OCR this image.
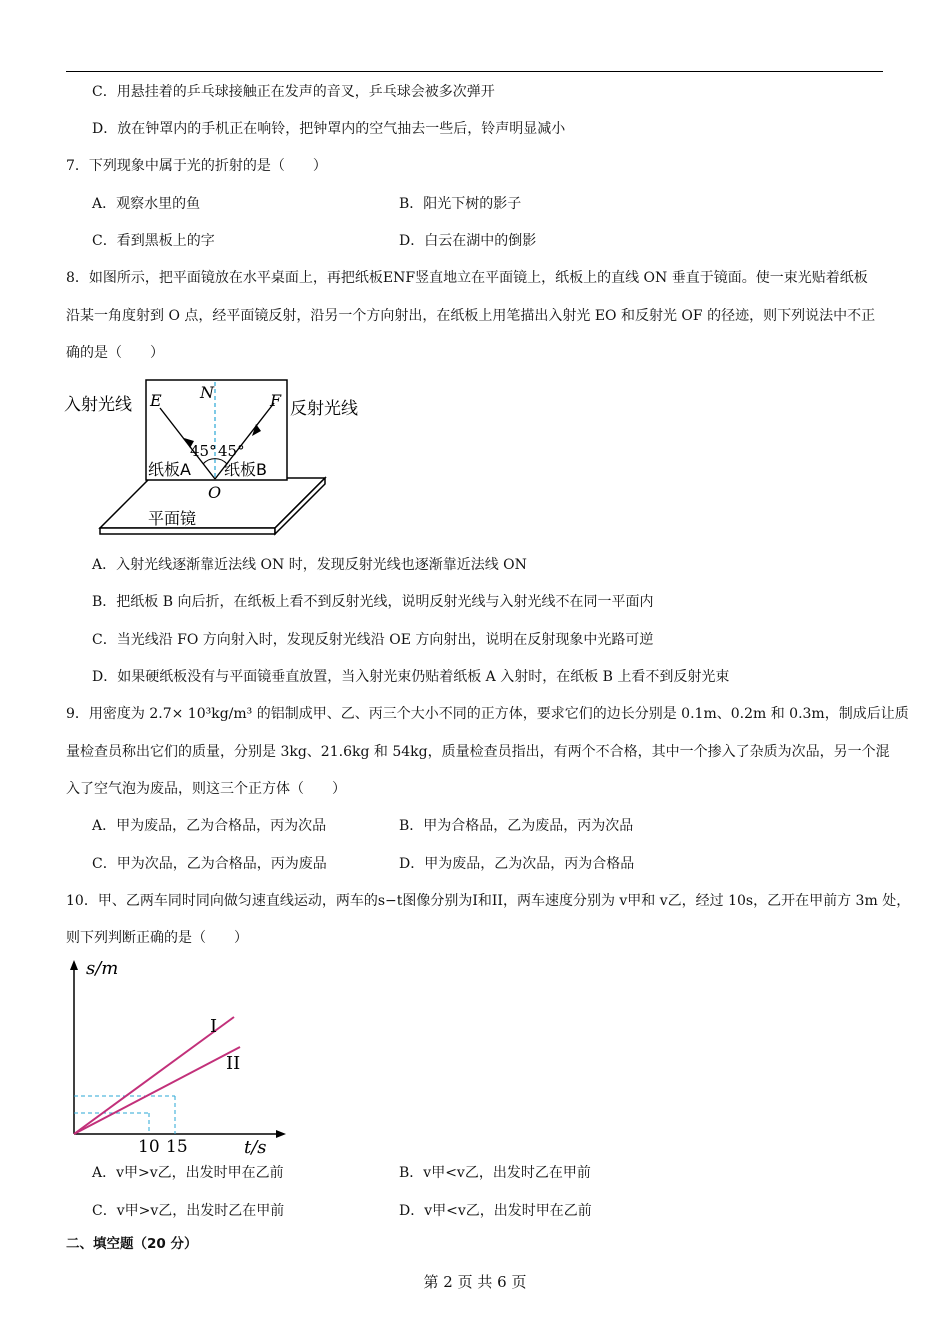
C．用悬挂着的乒乓球接触正在发声的音叉，乒乓球会被多次弹开
D．放在钟罩内的手机正在响铃，把钟罩内的空气抽去一些后，铃声明显减小
7．下列现象中属于光的折射的是（　　）
A．观察水里的鱼	B．阳光下树的影子
C．看到黑板上的字	D．白云在湖中的倒影
8．如图所示，把平面镜放在水平桌面上，再把纸板ENF竖直地立在平面镜上，纸板上的直线 ON 垂直于镜面。使一束光贴着纸板
沿某一角度射到 O 点，经平面镜反射，沿另一个方向射出，在纸板上用笔描出入射光 EO 和反射光 OF 的径迹，则下列说法中不正
确的是（　　）
入射光线	反射光线
E N	F
O
45° 45°
纸板A 纸板B
平面镜
A．入射光线逐渐靠近法线 ON 时，发现反射光线也逐渐靠近法线 ON
B．把纸板 B 向后折，在纸板上看不到反射光线，说明反射光线与入射光线不在同一平面内
C．当光线沿 FO 方向射入时，发现反射光线沿 OE 方向射出，说明在反射现象中光路可逆
D．如果硬纸板没有与平面镜垂直放置，当入射光束仍贴着纸板 A 入射时，在纸板 B 上看不到反射光束
9．用密度为 2.7× 10³kg/m³ 的铝制成甲、乙、丙三个大小不同的正方体，要求它们的边长分别是 0.1m、0.2m 和 0.3m，制成后让质
量检查员称出它们的质量，分别是 3kg、21.6kg 和 54kg，质量检查员指出，有两个不合格，其中一个掺入了杂质为次品，另一个混
入了空气泡为废品，则这三个正方体（　　）
A．甲为废品，乙为合格品，丙为次品	B．甲为合格品，乙为废品，丙为次品
C．甲为次品，乙为合格品，丙为废品	D．甲为废品，乙为次品，丙为合格品
10．甲、乙两车同时同向做匀速直线运动，两车的s−t图像分别为I和II，两车速度分别为 v甲和 v乙，经过 10s，乙开在甲前方 3m 处，
则下列判断正确的是（　　）
s/m
t/s
I
II
10 15
A．v甲>v乙，出发时甲在乙前	B．v甲<v乙，出发时乙在甲前
C．v甲>v乙，出发时乙在甲前	D．v甲<v乙，出发时甲在乙前
二、填空题（20 分）
第 2 页 共 6 页
